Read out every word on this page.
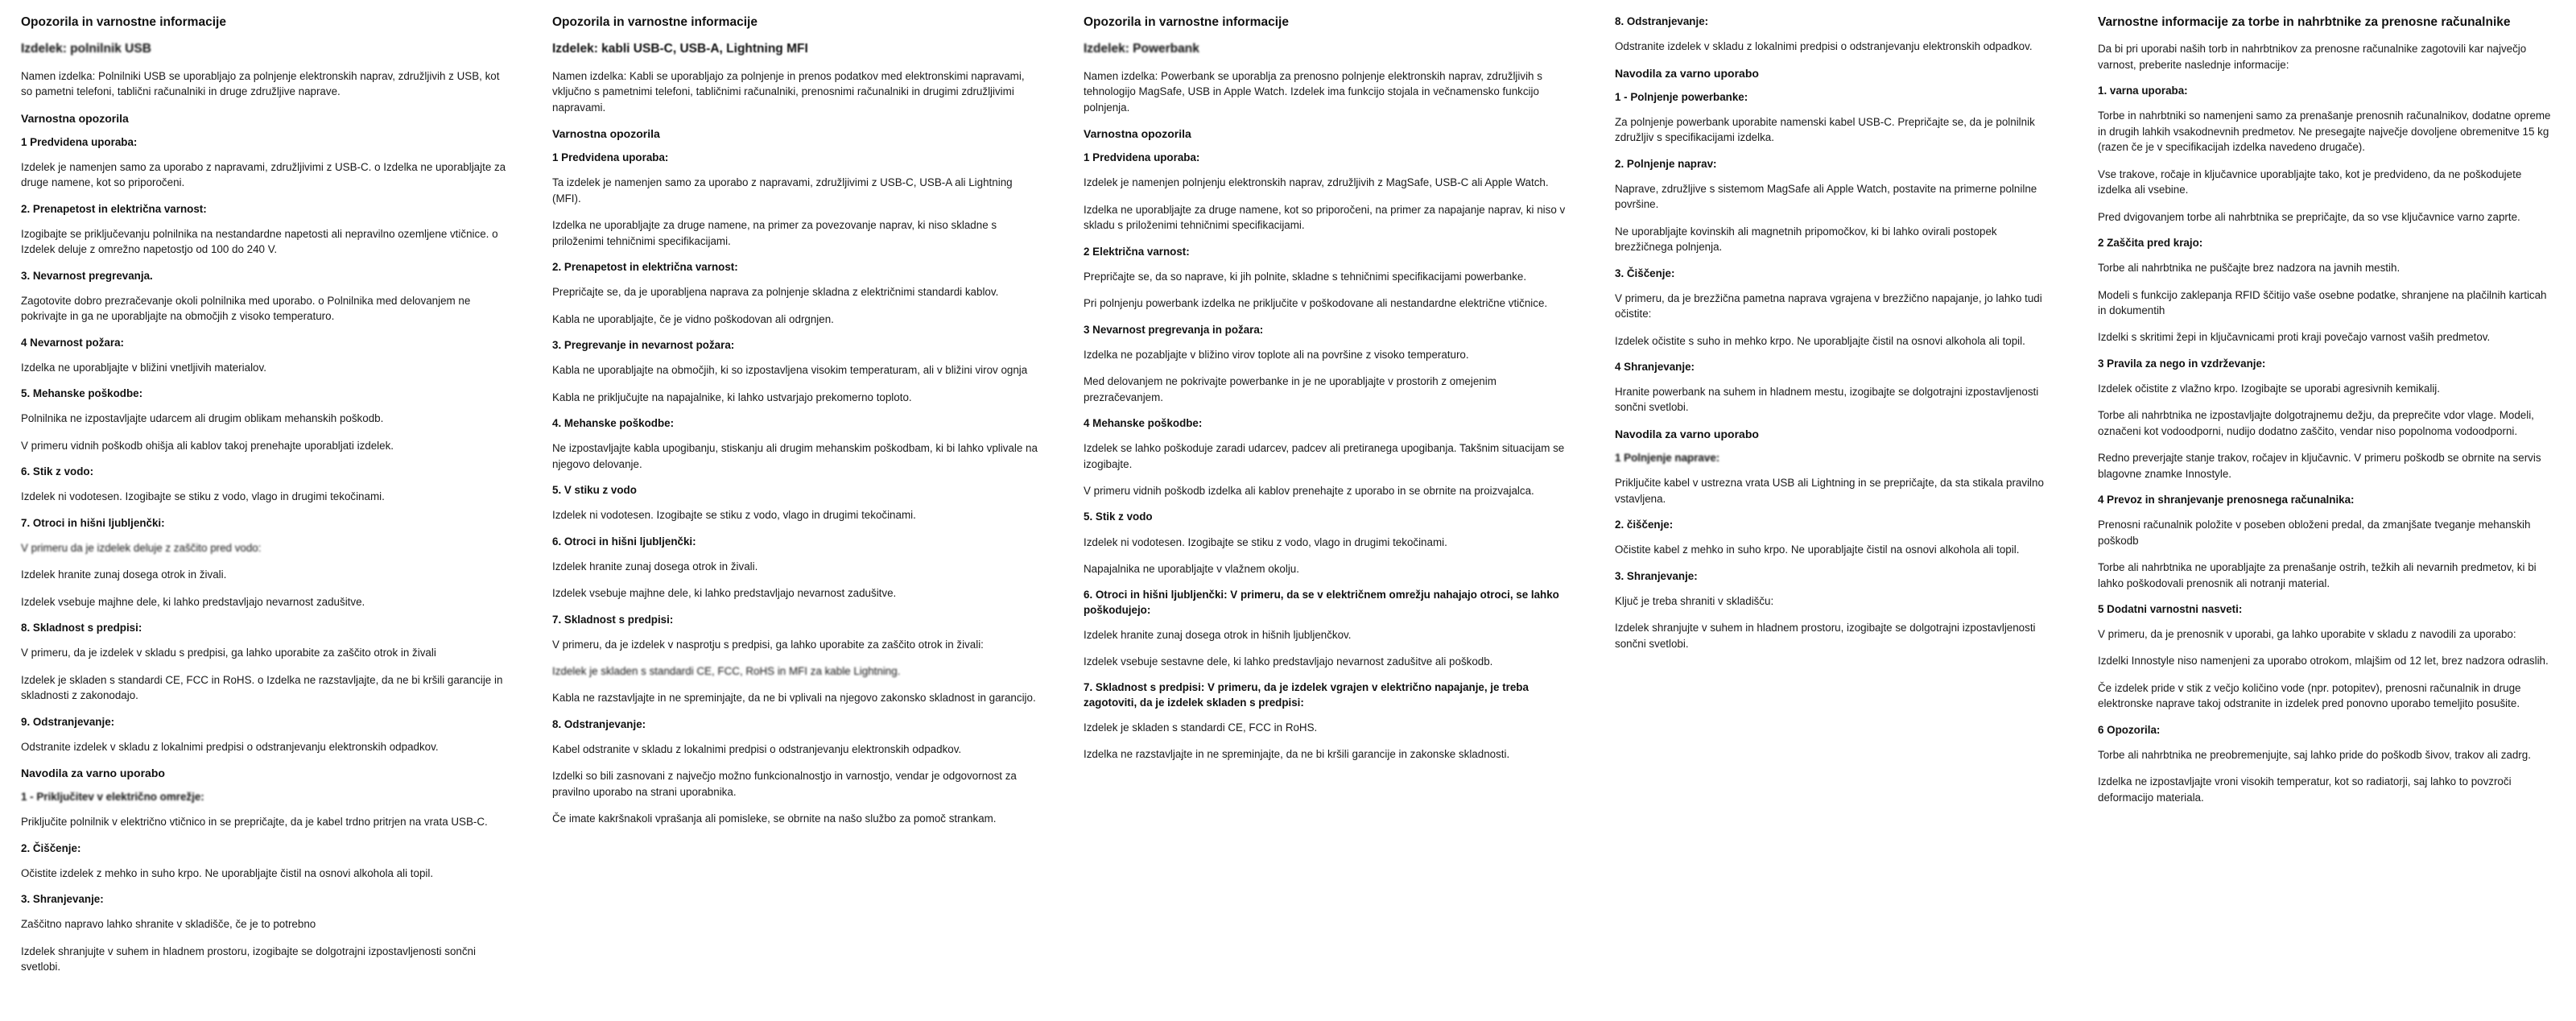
Opozorila in varnostne informacije
Izdelek: polnilnik USB
Namen izdelka: Polnilniki USB se uporabljajo za polnjenje elektronskih naprav, združljivih z USB, kot so pametni telefoni, tablični računalniki in druge združljive naprave.
Varnostna opozorila
1 Predvidena uporaba:
Izdelek je namenjen samo za uporabo z napravami, združljivimi z USB-C. o Izdelka ne uporabljajte za druge namene, kot so priporočeni.
2. Prenapetost in električna varnost:
Izogibajte se priključevanju polnilnika na nestandardne napetosti ali nepravilno ozemljene vtičnice. o Izdelek deluje z omrežno napetostjo od 100 do 240 V.
3. Nevarnost pregrevanja.
Zagotovite dobro prezračevanje okoli polnilnika med uporabo. o Polnilnika med delovanjem ne pokrivajte in ga ne uporabljajte na območjih z visoko temperaturo.
4 Nevarnost požara:
Izdelka ne uporabljajte v bližini vnetljivih materialov.
5. Mehanske poškodbe:
Polnilnika ne izpostavljajte udarcem ali drugim oblikam mehanskih poškodb.
V primeru vidnih poškodb ohišja ali kablov takoj prenehajte uporabljati izdelek.
6. Stik z vodo:
Izdelek ni vodotesen. Izogibajte se stiku z vodo, vlago in drugimi tekočinami.
7. Otroci in hišni ljubljenčki:
V primeru da je izdelek deluje z zaščito pred vodo:
Izdelek hranite zunaj dosega otrok in živali.
Izdelek vsebuje majhne dele, ki lahko predstavljajo nevarnost zadušitve.
8. Skladnost s predpisi:
V primeru, da je izdelek v skladu s predpisi, ga lahko uporabite za zaščito otrok in živali
Izdelek je skladen s standardi CE, FCC in RoHS. o Izdelka ne razstavljajte, da ne bi kršili garancije in skladnosti z zakonodajo.
9. Odstranjevanje:
Odstranite izdelek v skladu z lokalnimi predpisi o odstranjevanju elektronskih odpadkov.
Navodila za varno uporabo
1 - Priključitev v električno omrežje:
Priključite polnilnik v električno vtičnico in se prepričajte, da je kabel trdno pritrjen na vrata USB-C.
2. Čiščenje:
Očistite izdelek z mehko in suho krpo. Ne uporabljajte čistil na osnovi alkohola ali topil.
3. Shranjevanje:
Zaščitno napravo lahko shranite v skladišče, če je to potrebno
Izdelek shranjujte v suhem in hladnem prostoru, izogibajte se dolgotrajni izpostavljenosti sončni svetlobi.
Opozorila in varnostne informacije
Izdelek: kabli USB-C, USB-A, Lightning MFI
Namen izdelka: Kabli se uporabljajo za polnjenje in prenos podatkov med elektronskimi napravami, vključno s pametnimi telefoni, tabličnimi računalniki, prenosnimi računalniki in drugimi združljivimi napravami.
Varnostna opozorila
1 Predvidena uporaba:
Ta izdelek je namenjen samo za uporabo z napravami, združljivimi z USB-C, USB-A ali Lightning (MFI).
Izdelka ne uporabljajte za druge namene, na primer za povezovanje naprav, ki niso skladne s priloženimi tehničnimi specifikacijami.
2. Prenapetost in električna varnost:
Prepričajte se, da je uporabljena naprava za polnjenje skladna z električnimi standardi kablov.
Kabla ne uporabljajte, če je vidno poškodovan ali odrgnjen.
3. Pregrevanje in nevarnost požara:
Kabla ne uporabljajte na območjih, ki so izpostavljena visokim temperaturam, ali v bližini virov ognja
Kabla ne priključujte na napajalnike, ki lahko ustvarjajo prekomerno toploto.
4. Mehanske poškodbe:
Ne izpostavljajte kabla upogibanju, stiskanju ali drugim mehanskim poškodbam, ki bi lahko vplivale na njegovo delovanje.
5. V stiku z vodo
Izdelek ni vodotesen. Izogibajte se stiku z vodo, vlago in drugimi tekočinami.
6. Otroci in hišni ljubljenčki:
Izdelek hranite zunaj dosega otrok in živali.
Izdelek vsebuje majhne dele, ki lahko predstavljajo nevarnost zadušitve.
7. Skladnost s predpisi:
V primeru, da je izdelek v nasprotju s predpisi, ga lahko uporabite za zaščito otrok in živali:
Izdelek je skladen s standardi CE, FCC, RoHS in MFI za kable Lightning.
Kabla ne razstavljajte in ne spreminjajte, da ne bi vplivali na njegovo zakonsko skladnost in garancijo.
8. Odstranjevanje:
Kabel odstranite v skladu z lokalnimi predpisi o odstranjevanju elektronskih odpadkov.
Izdelki so bili zasnovani z največjo možno funkcionalnostjo in varnostjo, vendar je odgovornost za pravilno uporabo na strani uporabnika.
Če imate kakršnakoli vprašanja ali pomisleke, se obrnite na našo službo za pomoč strankam.
Opozorila in varnostne informacije
Izdelek: Powerbank
Namen izdelka: Powerbank se uporablja za prenosno polnjenje elektronskih naprav, združljivih s tehnologijo MagSafe, USB in Apple Watch. Izdelek ima funkcijo stojala in večnamensko funkcijo polnjenja.
Varnostna opozorila
1 Predvidena uporaba:
Izdelek je namenjen polnjenju elektronskih naprav, združljivih z MagSafe, USB-C ali Apple Watch.
Izdelka ne uporabljajte za druge namene, kot so priporočeni, na primer za napajanje naprav, ki niso v skladu s priloženimi tehničnimi specifikacijami.
2 Električna varnost:
Prepričajte se, da so naprave, ki jih polnite, skladne s tehničnimi specifikacijami powerbanke.
Pri polnjenju powerbank izdelka ne priključite v poškodovane ali nestandardne električne vtičnice.
3 Nevarnost pregrevanja in požara:
Izdelka ne pozabljajte v bližino virov toplote ali na površine z visoko temperaturo.
Med delovanjem ne pokrivajte powerbanke in je ne uporabljajte v prostorih z omejenim prezračevanjem.
4 Mehanske poškodbe:
Izdelek se lahko poškoduje zaradi udarcev, padcev ali pretiranega upogibanja. Takšnim situacijam se izogibajte.
V primeru vidnih poškodb izdelka ali kablov prenehajte z uporabo in se obrnite na proizvajalca.
5. Stik z vodo
Izdelek ni vodotesen. Izogibajte se stiku z vodo, vlago in drugimi tekočinami.
Napajalnika ne uporabljajte v vlažnem okolju.
6. Otroci in hišni ljubljenčki: V primeru, da se v električnem omrežju nahajajo otroci, se lahko poškodujejo:
Izdelek hranite zunaj dosega otrok in hišnih ljubljenčkov.
Izdelek vsebuje sestavne dele, ki lahko predstavljajo nevarnost zadušitve ali poškodb.
7. Skladnost s predpisi: V primeru, da je izdelek vgrajen v električno napajanje, je treba zagotoviti, da je izdelek skladen s predpisi:
Izdelek je skladen s standardi CE, FCC in RoHS.
Izdelka ne razstavljajte in ne spreminjajte, da ne bi kršili garancije in zakonske skladnosti.
8. Odstranjevanje:
Odstranite izdelek v skladu z lokalnimi predpisi o odstranjevanju elektronskih odpadkov.
Navodila za varno uporabo
1 - Polnjenje powerbanke:
Za polnjenje powerbank uporabite namenski kabel USB-C. Prepričajte se, da je polnilnik združljiv s specifikacijami izdelka.
2. Polnjenje naprav:
Naprave, združljive s sistemom MagSafe ali Apple Watch, postavite na primerne polnilne površine.
Ne uporabljajte kovinskih ali magnetnih pripomočkov, ki bi lahko ovirali postopek brezžičnega polnjenja.
3. Čiščenje:
V primeru, da je brezžična pametna naprava vgrajena v brezžično napajanje, jo lahko tudi očistite:
Izdelek očistite s suho in mehko krpo. Ne uporabljajte čistil na osnovi alkohola ali topil.
4 Shranjevanje:
Hranite powerbank na suhem in hladnem mestu, izogibajte se dolgotrajni izpostavljenosti sončni svetlobi.
Navodila za varno uporabo
1 Polnjenje naprave:
Priključite kabel v ustrezna vrata USB ali Lightning in se prepričajte, da sta stikala pravilno vstavljena.
2. čiščenje:
Očistite kabel z mehko in suho krpo. Ne uporabljajte čistil na osnovi alkohola ali topil.
3. Shranjevanje:
Ključ je treba shraniti v skladišču:
Izdelek shranjujte v suhem in hladnem prostoru, izogibajte se dolgotrajni izpostavljenosti sončni svetlobi.
Varnostne informacije za torbe in nahrbtnike za prenosne računalnike
Da bi pri uporabi naših torb in nahrbtnikov za prenosne računalnike zagotovili kar največjo varnost, preberite naslednje informacije:
1. varna uporaba:
Torbe in nahrbtniki so namenjeni samo za prenašanje prenosnih računalnikov, dodatne opreme in drugih lahkih vsakodnevnih predmetov. Ne presegajte največje dovoljene obremenitve 15 kg (razen če je v specifikacijah izdelka navedeno drugače).
Vse trakove, ročaje in ključavnice uporabljajte tako, kot je predvideno, da ne poškodujete izdelka ali vsebine.
Pred dvigovanjem torbe ali nahrbtnika se prepričajte, da so vse ključavnice varno zaprte.
2 Zaščita pred krajo:
Torbe ali nahrbtnika ne puščajte brez nadzora na javnih mestih.
Modeli s funkcijo zaklepanja RFID ščitijo vaše osebne podatke, shranjene na plačilnih karticah in dokumentih
Izdelki s skritimi žepi in ključavnicami proti kraji povečajo varnost vaših predmetov.
3 Pravila za nego in vzdrževanje:
Izdelek očistite z vlažno krpo. Izogibajte se uporabi agresivnih kemikalij.
Torbe ali nahrbtnika ne izpostavljajte dolgotrajnemu dežju, da preprečite vdor vlage. Modeli, označeni kot vodoodporni, nudijo dodatno zaščito, vendar niso popolnoma vodoodporni.
Redno preverjajte stanje trakov, ročajev in ključavnic. V primeru poškodb se obrnite na servis blagovne znamke Innostyle.
4 Prevoz in shranjevanje prenosnega računalnika:
Prenosni računalnik položite v poseben obloženi predal, da zmanjšate tveganje mehanskih poškodb
Torbe ali nahrbtnika ne uporabljajte za prenašanje ostrih, težkih ali nevarnih predmetov, ki bi lahko poškodovali prenosnik ali notranji material.
5 Dodatni varnostni nasveti:
V primeru, da je prenosnik v uporabi, ga lahko uporabite v skladu z navodili za uporabo:
Izdelki Innostyle niso namenjeni za uporabo otrokom, mlajšim od 12 let, brez nadzora odraslih.
Če izdelek pride v stik z večjo količino vode (npr. potopitev), prenosni računalnik in druge elektronske naprave takoj odstranite in izdelek pred ponovno uporabo temeljito posušite.
6 Opozorila:
Torbe ali nahrbtnika ne preobremenjujte, saj lahko pride do poškodb šivov, trakov ali zadrg.
Izdelka ne izpostavljajte vroni visokih temperatur, kot so radiatorji, saj lahko to povzroči deformacijo materiala.
